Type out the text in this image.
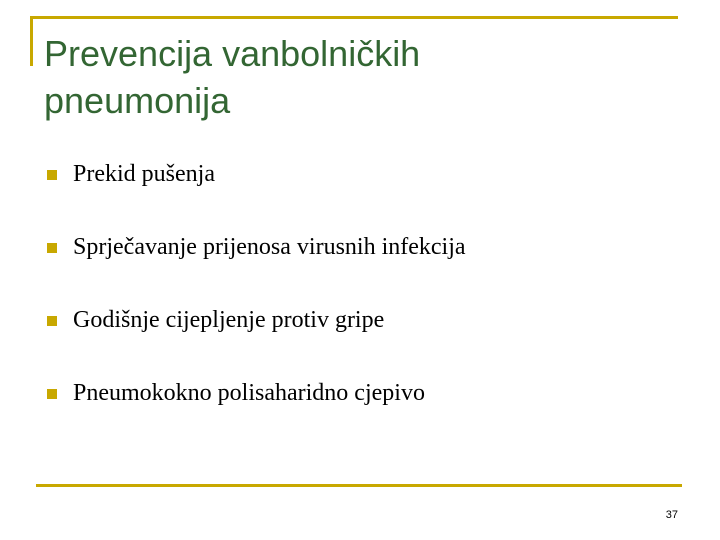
Prevencija vanbolničkih
pneumonija
Prekid pušenja
Sprječavanje prijenosa virusnih infekcija
Godišnje cijepljenje protiv gripe
Pneumokokno polisaharidno cjepivo
37
